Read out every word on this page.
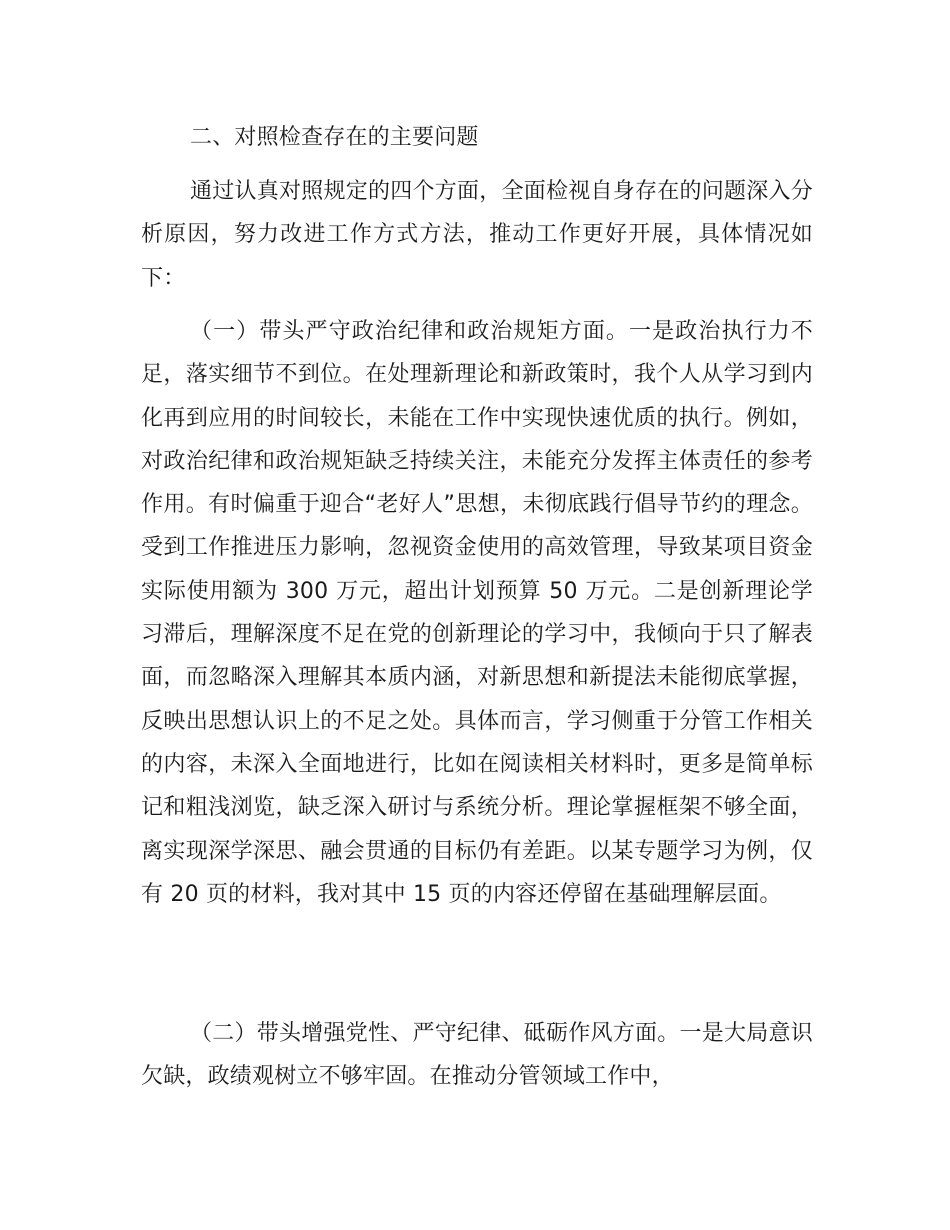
二、对照检查存在的主要问题
通过认真对照规定的四个方面，全面检视自身存在的问题深入分析原因，努力改进工作方式方法，推动工作更好开展，具体情况如下：
（一）带头严守政治纪律和政治规矩方面。一是政治执行力不足，落实细节不到位。在处理新理论和新政策时，我个人从学习到内化再到应用的时间较长，未能在工作中实现快速优质的执行。例如，对政治纪律和政治规矩缺乏持续关注，未能充分发挥主体责任的参考作用。有时偏重于迎合“老好人”思想，未彻底践行倡导节约的理念。受到工作推进压力影响，忽视资金使用的高效管理，导致某项目资金实际使用额为 300 万元，超出计划预算 50 万元。二是创新理论学习滞后，理解深度不足在党的创新理论的学习中，我倾向于只了解表面，而忽略深入理解其本质内涵，对新思想和新提法未能彻底掌握，反映出思想认识上的不足之处。具体而言，学习侧重于分管工作相关的内容，未深入全面地进行，比如在阅读相关材料时，更多是简单标记和粗浅浏览，缺乏深入研讨与系统分析。理论掌握框架不够全面，离实现深学深思、融会贯通的目标仍有差距。以某专题学习为例，仅有 20 页的材料，我对其中 15 页的内容还停留在基础理解层面。
（二）带头增强党性、严守纪律、砥砺作风方面。一是大局意识欠缺，政绩观树立不够牢固。在推动分管领域工作中，
